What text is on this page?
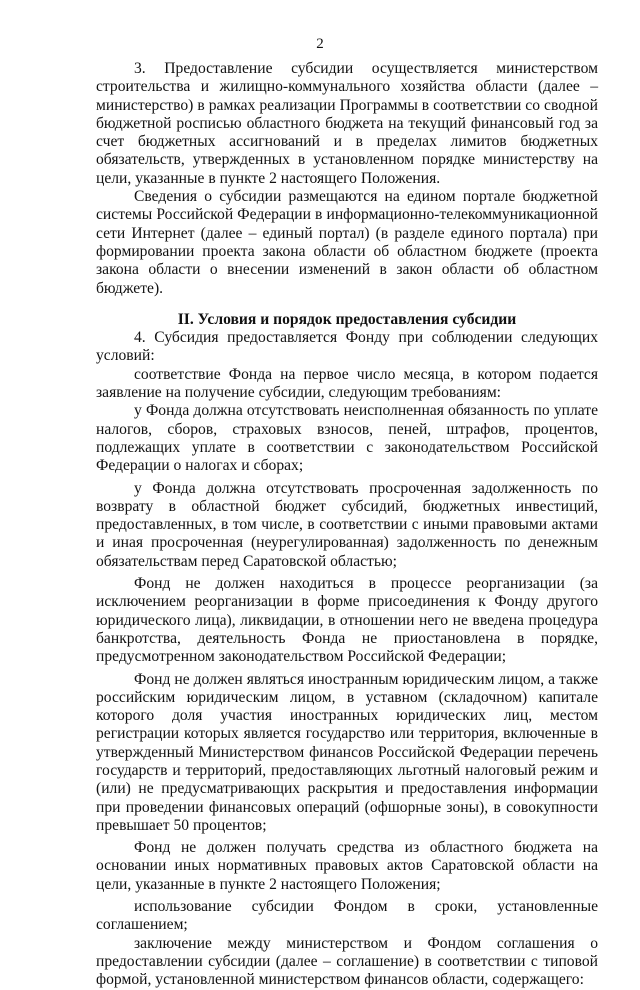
2

3. Предоставление субсидии осуществляется министерством строительства и жилищно-коммунального хозяйства области (далее – министерство) в рамках реализации Программы в соответствии со сводной бюджетной росписью областного бюджета на текущий финансовый год за счет бюджетных ассигнований и в пределах лимитов бюджетных обязательств, утвержденных в установленном порядке министерству на цели, указанные в пункте 2 настоящего Положения.

Сведения о субсидии размещаются на едином портале бюджетной системы Российской Федерации в информационно-телекоммуникационной сети Интернет (далее – единый портал) (в разделе единого портала) при формировании проекта закона области об областном бюджете (проекта закона области о внесении изменений в закон области об областном бюджете).

II. Условия и порядок предоставления субсидии

4. Субсидия предоставляется Фонду при соблюдении следующих условий:

соответствие Фонда на первое число месяца, в котором подается заявление на получение субсидии, следующим требованиям:

у Фонда должна отсутствовать неисполненная обязанность по уплате налогов, сборов, страховых взносов, пеней, штрафов, процентов, подлежащих уплате в соответствии с законодательством Российской Федерации о налогах и сборах;

у Фонда должна отсутствовать просроченная задолженность по возврату в областной бюджет субсидий, бюджетных инвестиций, предоставленных, в том числе, в соответствии с иными правовыми актами и иная просроченная (неурегулированная) задолженность по денежным обязательствам перед Саратовской областью;

Фонд не должен находиться в процессе реорганизации (за исключением реорганизации в форме присоединения к Фонду другого юридического лица), ликвидации, в отношении него не введена процедура банкротства, деятельность Фонда не приостановлена в порядке, предусмотренном законодательством Российской Федерации;

Фонд не должен являться иностранным юридическим лицом, а также российским юридическим лицом, в уставном (складочном) капитале которого доля участия иностранных юридических лиц, местом регистрации которых является государство или территория, включенные в утвержденный Министерством финансов Российской Федерации перечень государств и территорий, предоставляющих льготный налоговый режим и (или) не предусматривающих раскрытия и предоставления информации при проведении финансовых операций (офшорные зоны), в совокупности превышает 50 процентов;

Фонд не должен получать средства из областного бюджета на основании иных нормативных правовых актов Саратовской области на цели, указанные в пункте 2 настоящего Положения;

использование субсидии Фондом в сроки, установленные соглашением;

заключение между министерством и Фондом соглашения о предоставлении субсидии (далее – соглашение) в соответствии с типовой формой, установленной министерством финансов области, содержащего:
